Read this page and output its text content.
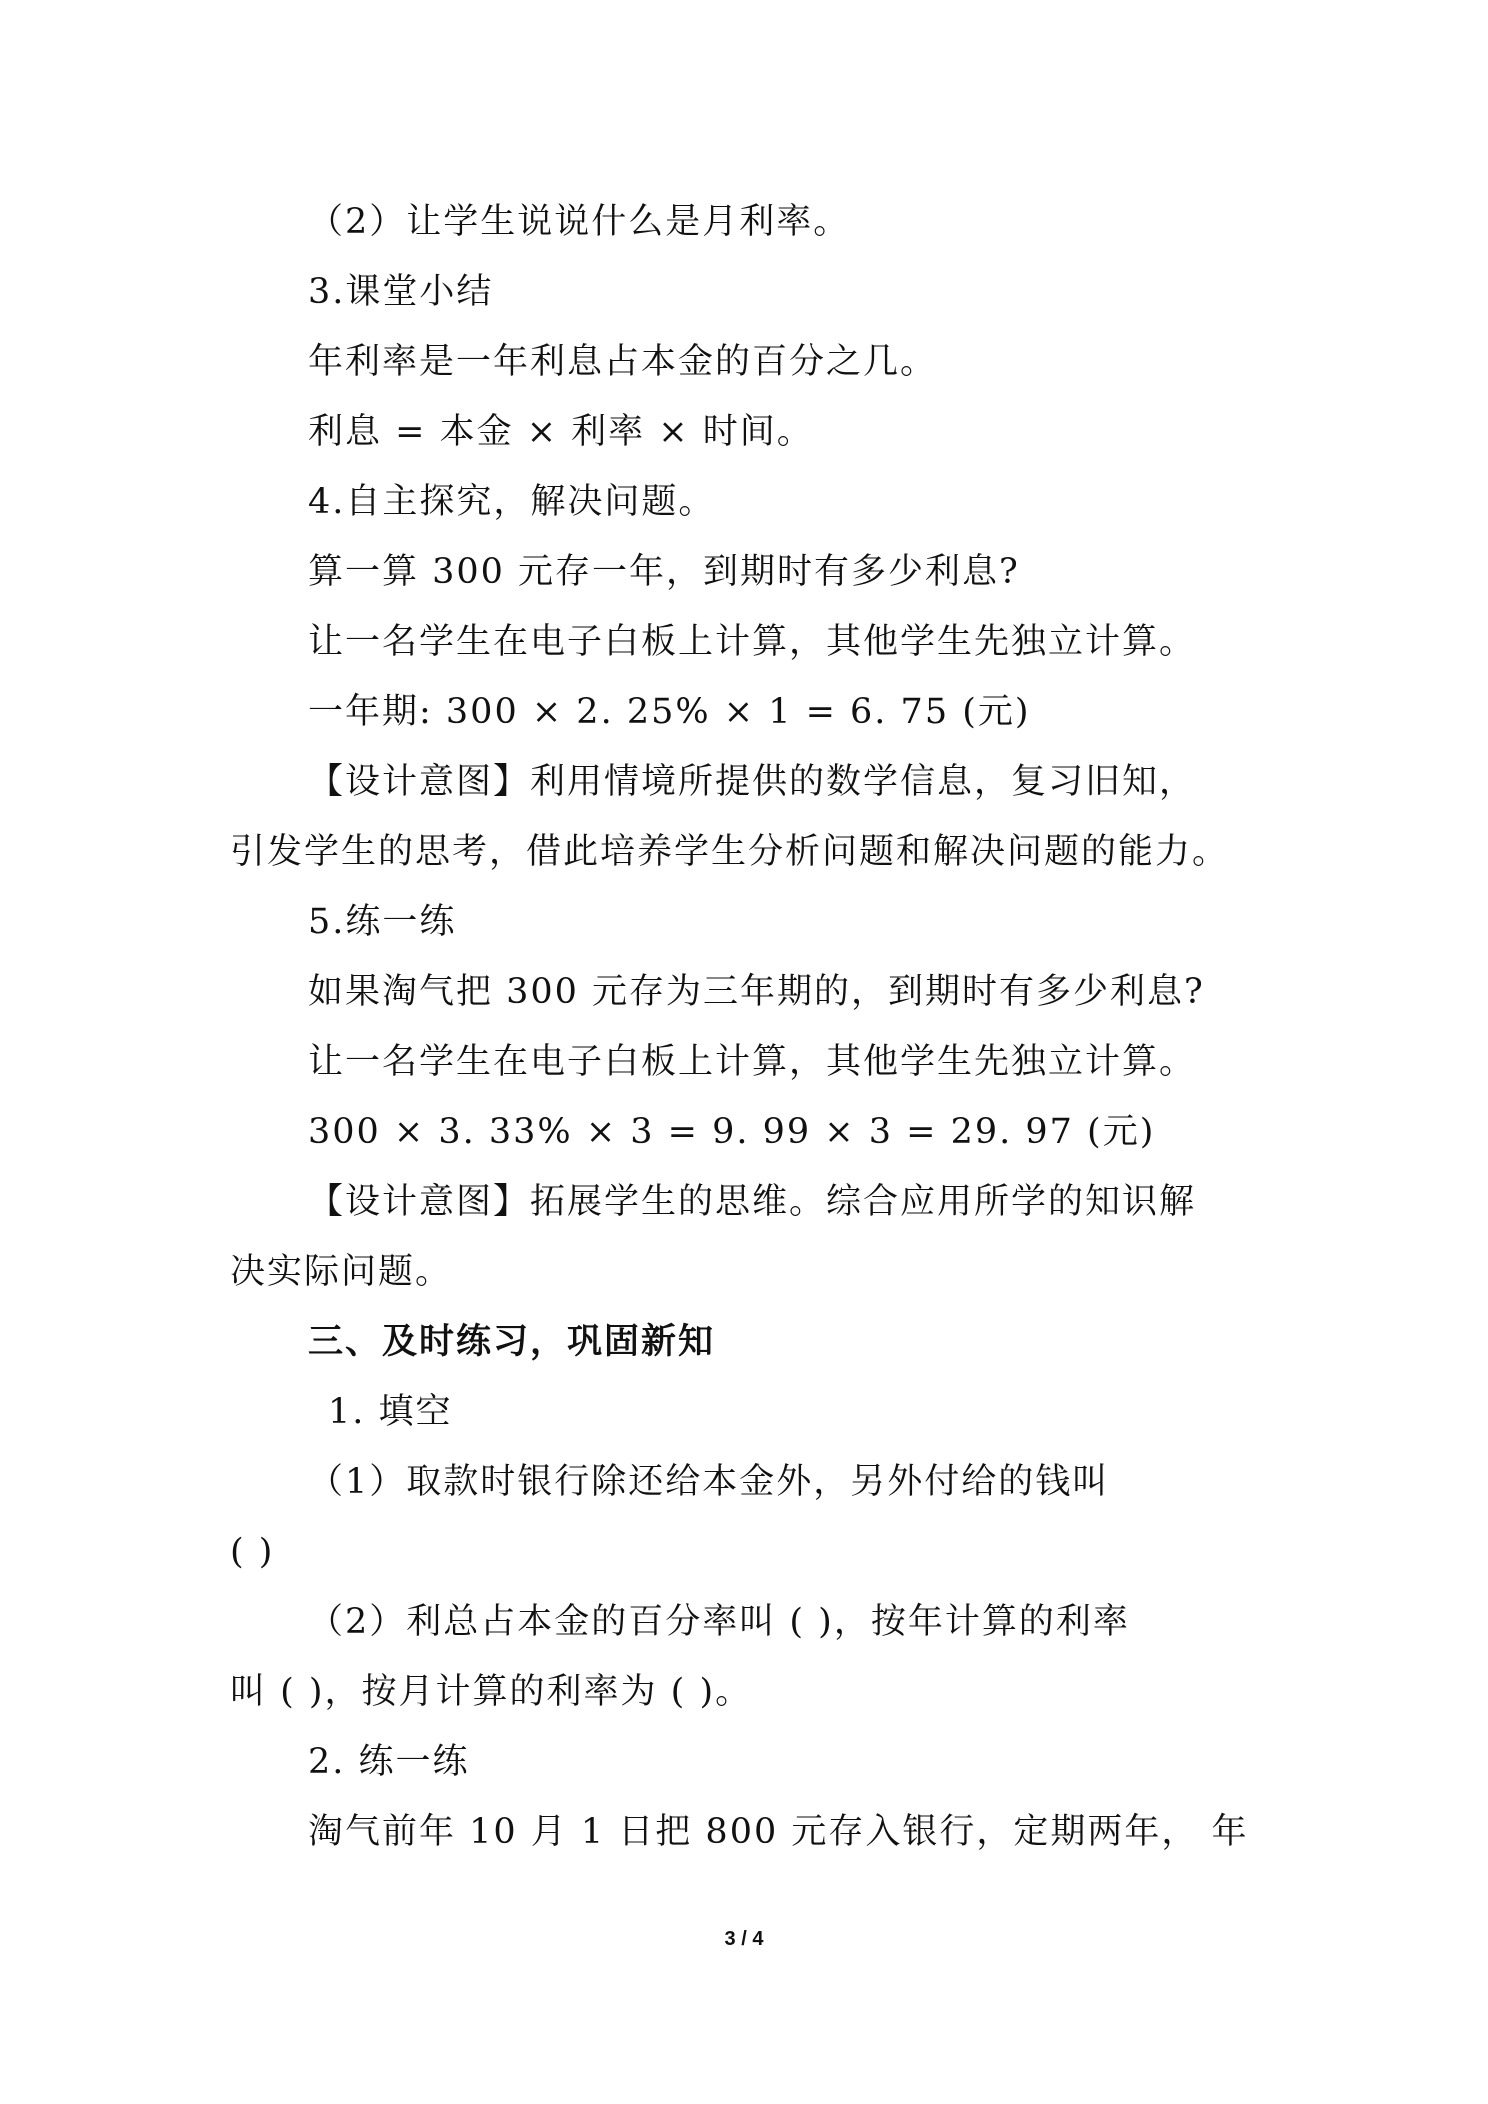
（2）让学生说说什么是月利率。
3.课堂小结
年利率是一年利息占本金的百分之几。
利息 = 本金 × 利率 × 时间。
4.自主探究，解决问题。
算一算 300 元存一年，到期时有多少利息?
让一名学生在电子白板上计算，其他学生先独立计算。
一年期: 300 × 2. 25% × 1 = 6. 75 (元)
【设计意图】利用情境所提供的数学信息，复习旧知，
引发学生的思考，借此培养学生分析问题和解决问题的能力。
5.练一练
如果淘气把 300 元存为三年期的，到期时有多少利息?
让一名学生在电子白板上计算，其他学生先独立计算。
300 × 3. 33% × 3 = 9. 99 × 3 = 29. 97 (元)
【设计意图】拓展学生的思维。综合应用所学的知识解
决实际问题。
三、及时练习，巩固新知
1. 填空
（1）取款时银行除还给本金外，另外付给的钱叫
( )
（2）利总占本金的百分率叫 ( )，按年计算的利率
叫 ( )，按月计算的利率为 ( )。
2. 练一练
淘气前年 10 月 1 日把 800 元存入银行，定期两年， 年
3 / 4
